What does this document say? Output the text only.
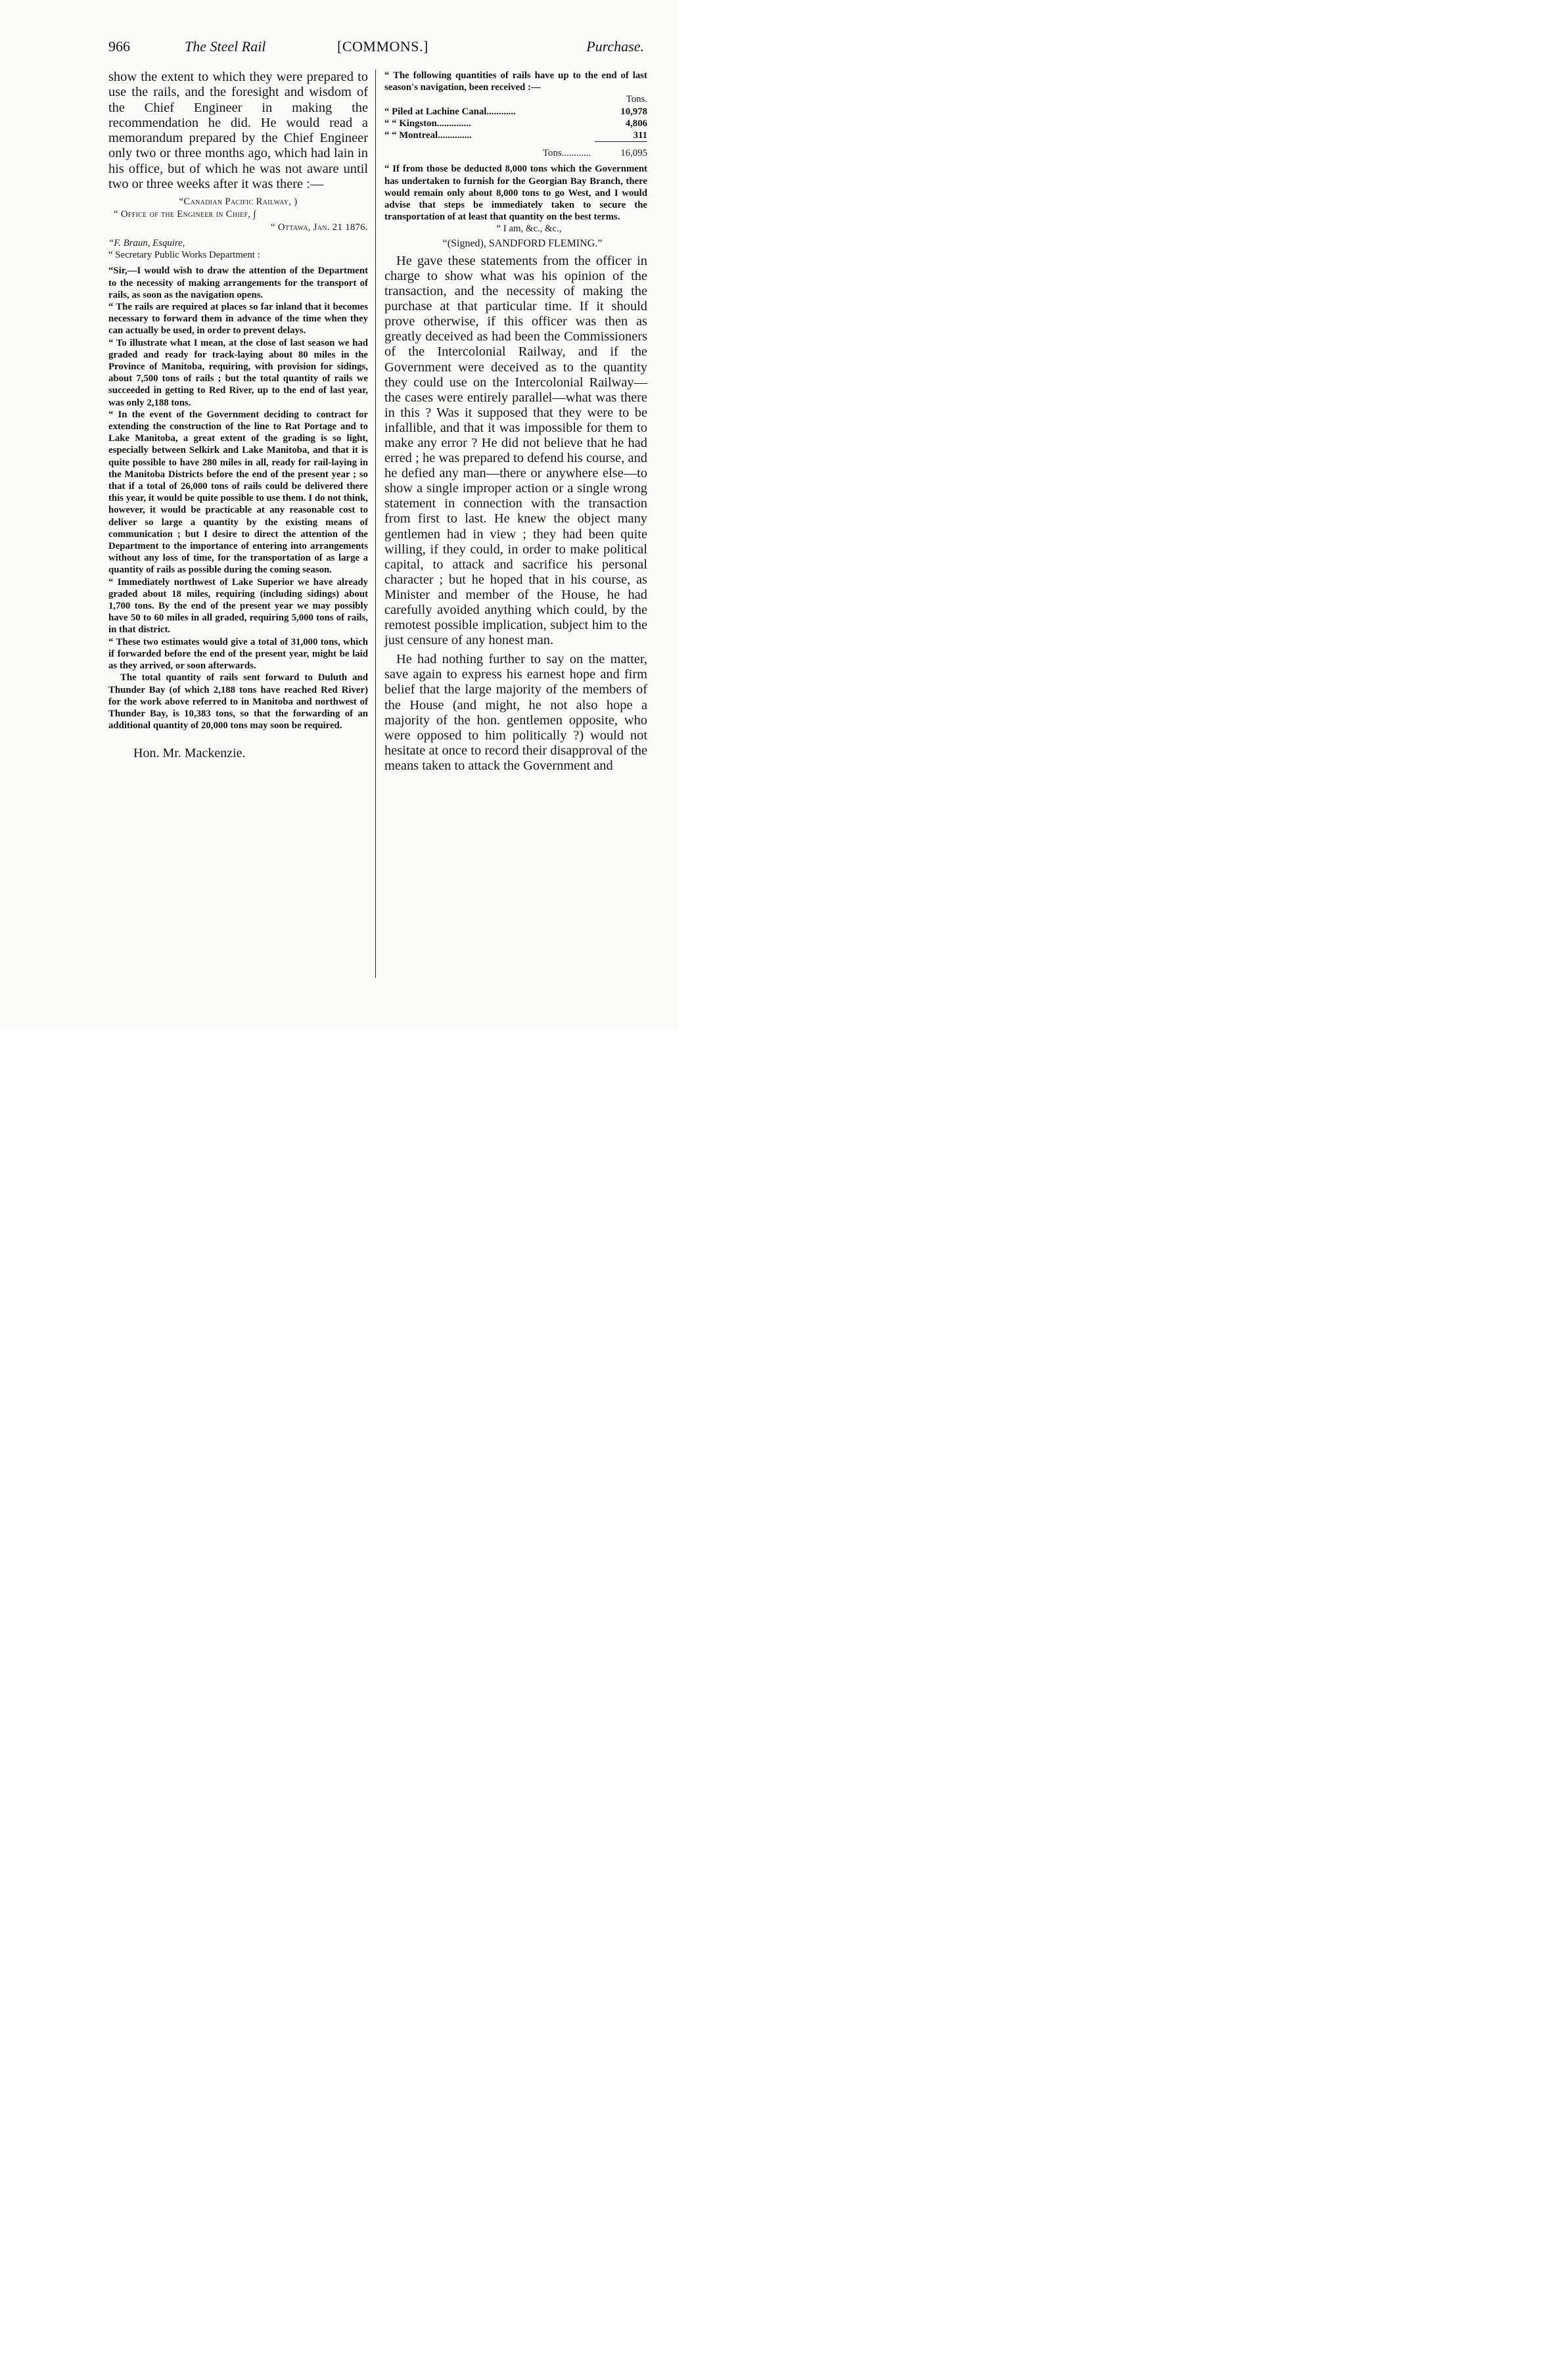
966	The Steel Rail	[COMMONS.]	Purchase.

show the extent to which they were prepared to use the rails, and the foresight and wisdom of the Chief Engineer in making the recommendation he did. He would read a memorandum prepared by the Chief Engineer only two or three months ago, which had lain in his office, but of which he was not aware until two or three weeks after it was there :—

“Canadian Pacific Railway, )

“ Office of the Engineer in Chief, ∫

“ Ottawa, Jan. 21 1876.

“F. Braun, Esquire,

“ Secretary Public Works Department :

“Sir,—I would wish to draw the attention of the Department to the necessity of making arrangements for the transport of rails, as soon as the navigation opens.

“ The rails are required at places so far inland that it becomes necessary to forward them in advance of the time when they can actually be used, in order to prevent delays.

“ To illustrate what I mean, at the close of last season we had graded and ready for track-laying about 80 miles in the Province of Manitoba, requiring, with provision for sidings, about 7,500 tons of rails ; but the total quantity of rails we succeeded in getting to Red River, up to the end of last year, was only 2,188 tons.

“ In the event of the Government deciding to contract for extending the construction of the line to Rat Portage and to Lake Manitoba, a great extent of the grading is so light, especially between Selkirk and Lake Manitoba, and that it is quite possible to have 280 miles in all, ready for rail-laying in the Manitoba Districts before the end of the present year ; so that if a total of 26,000 tons of rails could be delivered there this year, it would be quite possible to use them. I do not think, however, it would be practicable at any reasonable cost to deliver so large a quantity by the existing means of communication ; but I desire to direct the attention of the Department to the importance of entering into arrangements without any loss of time, for the transportation of as large a quantity of rails as possible during the coming season.

“ Immediately northwest of Lake Superior we have already graded about 18 miles, requiring (including sidings) about 1,700 tons. By the end of the present year we may possibly have 50 to 60 miles in all graded, requiring 5,000 tons of rails, in that district.

“ These two estimates would give a total of 31,000 tons, which if forwarded before the end of the present year, might be laid as they arrived, or soon afterwards.

The total quantity of rails sent forward to Duluth and Thunder Bay (of which 2,188 tons have reached Red River) for the work above referred to in Manitoba and northwest of Thunder Bay, is 10,383 tons, so that the forwarding of an additional quantity of 20,000 tons may soon be required.

Hon. Mr. Mackenzie.

“ The following quantities of rails have up to the end of last season's navigation, been received :—

	Tons.
“ Piled at Lachine Canal............	10,978
“ “ Kingston..............	4,806
“ “ Montreal..............	311

Tons............	16,095

“ If from those be deducted 8,000 tons which the Government has undertaken to furnish for the Georgian Bay Branch, there would remain only about 8,000 tons to go West, and I would advise that steps be immediately taken to secure the transportation of at least that quantity on the best terms.

“ I am, &c., &c.,

“(Signed), SANDFORD FLEMING.”

He gave these statements from the officer in charge to show what was his opinion of the transaction, and the necessity of making the purchase at that particular time. If it should prove otherwise, if this officer was then as greatly deceived as had been the Commissioners of the Intercolonial Railway, and if the Government were deceived as to the quantity they could use on the Intercolonial Railway—the cases were entirely parallel—what was there in this ? Was it supposed that they were to be infallible, and that it was impossible for them to make any error ? He did not believe that he had erred ; he was prepared to defend his course, and he defied any man—there or anywhere else—to show a single improper action or a single wrong statement in connection with the transaction from first to last. He knew the object many gentlemen had in view ; they had been quite willing, if they could, in order to make political capital, to attack and sacrifice his personal character ; but he hoped that in his course, as Minister and member of the House, he had carefully avoided anything which could, by the remotest possible implication, subject him to the just censure of any honest man.

He had nothing further to say on the matter, save again to express his earnest hope and firm belief that the large majority of the members of the House (and might, he not also hope a majority of the hon. gentlemen opposite, who were opposed to him politically ?) would not hesitate at once to record their disapproval of the means taken to attack the Government and
